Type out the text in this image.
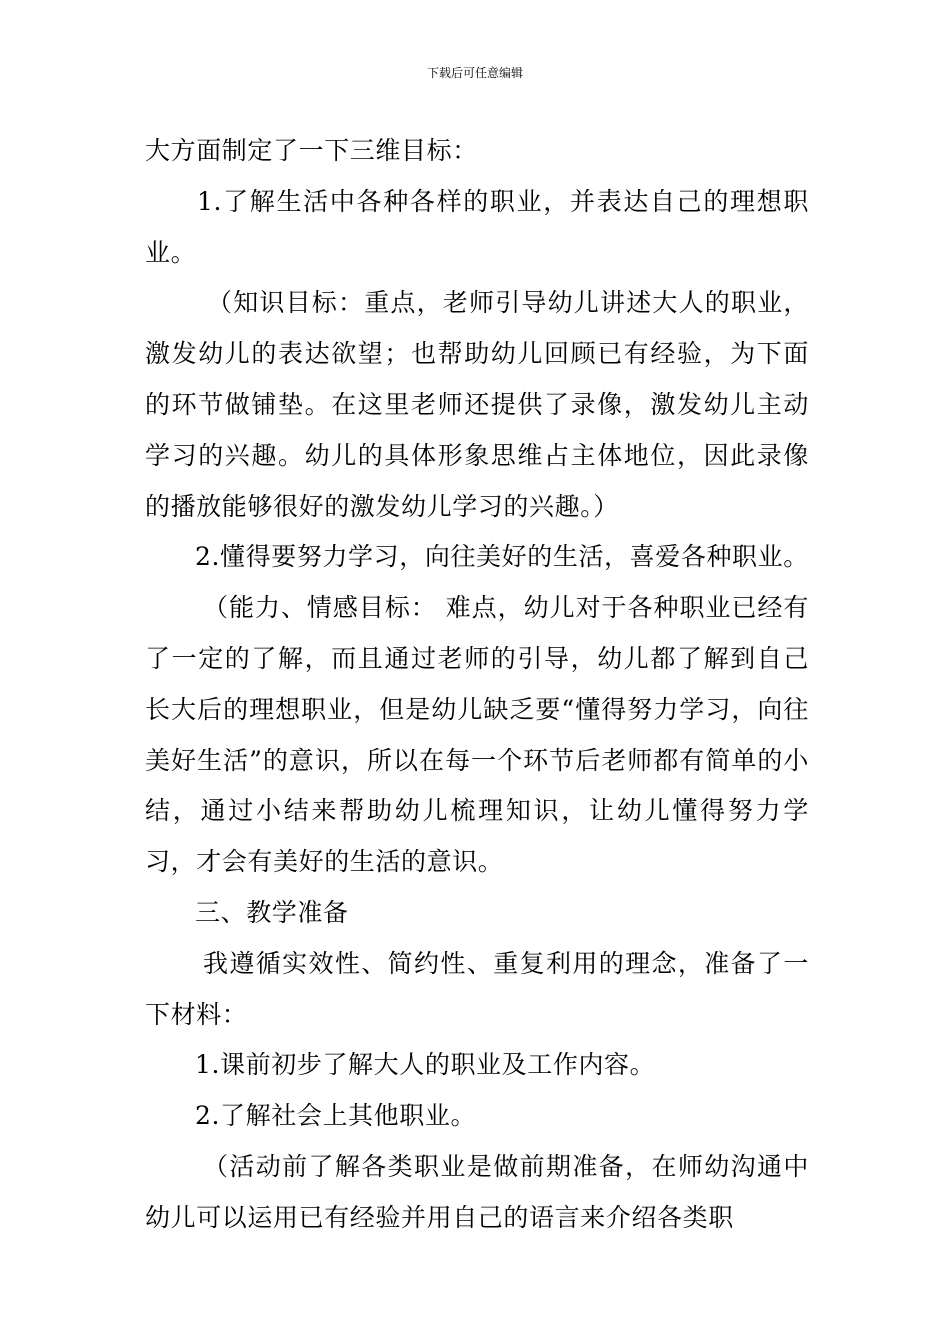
下载后可任意编辑

大方面制定了一下三维目标：

1.了解生活中各种各样的职业，并表达自己的理想职业。

（知识目标：重点，老师引导幼儿讲述大人的职业，激发幼儿的表达欲望；也帮助幼儿回顾已有经验，为下面的环节做铺垫。在这里老师还提供了录像，激发幼儿主动学习的兴趣。幼儿的具体形象思维占主体地位，因此录像的播放能够很好的激发幼儿学习的兴趣。）

2.懂得要努力学习，向往美好的生活，喜爱各种职业。

（能力、情感目标： 难点，幼儿对于各种职业已经有了一定的了解，而且通过老师的引导，幼儿都了解到自己长大后的理想职业，但是幼儿缺乏要“懂得努力学习，向往美好生活”的意识，所以在每一个环节后老师都有简单的小结，通过小结来帮助幼儿梳理知识，让幼儿懂得努力学习，才会有美好的生活的意识。

三、教学准备

我遵循实效性、简约性、重复利用的理念，准备了一下材料：

1.课前初步了解大人的职业及工作内容。

2.了解社会上其他职业。

（活动前了解各类职业是做前期准备，在师幼沟通中幼儿可以运用已有经验并用自己的语言来介绍各类职
